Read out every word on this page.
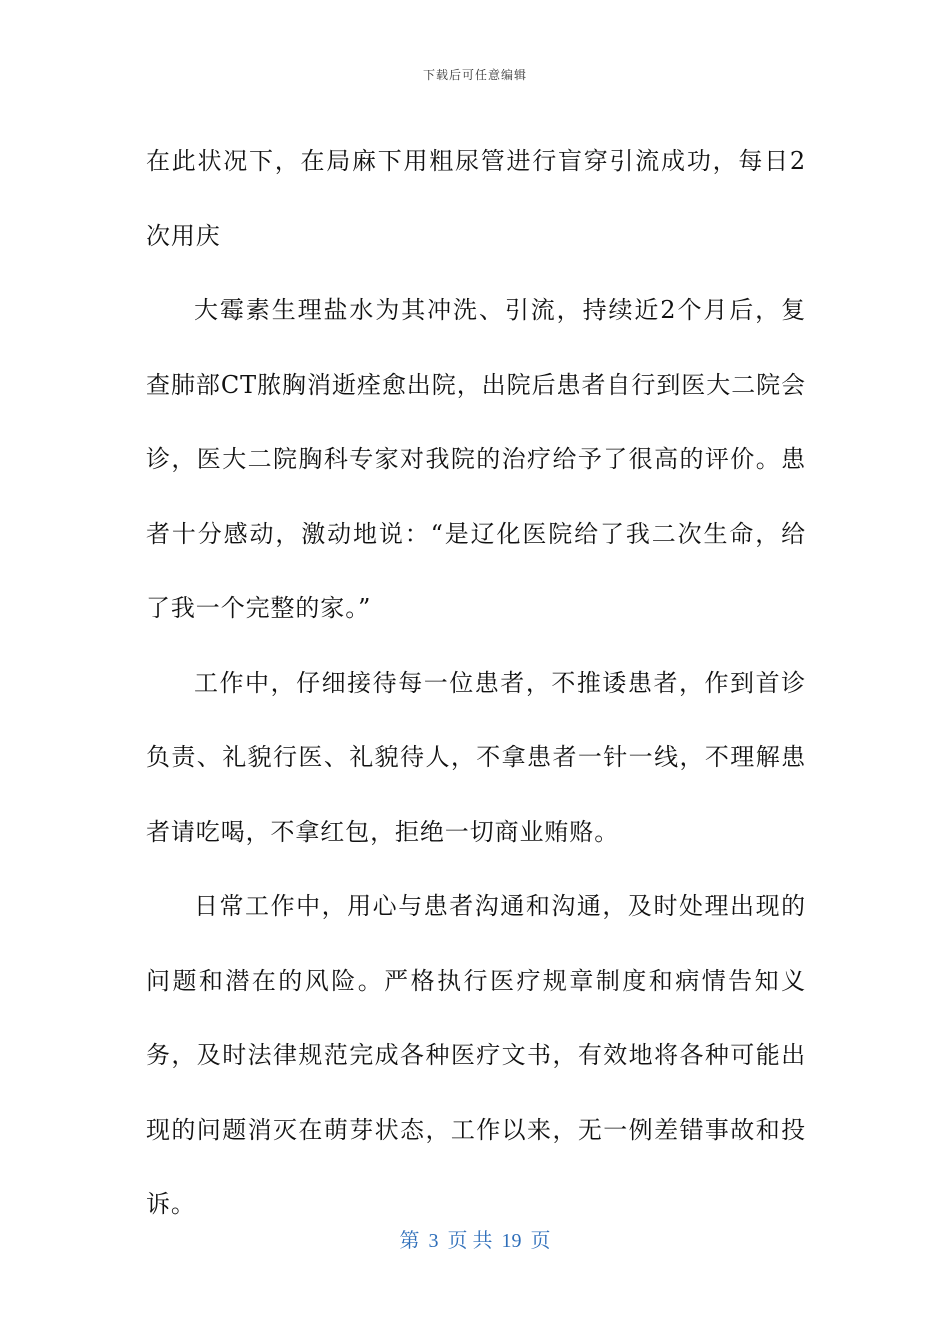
下载后可任意编辑

在此状况下，在局麻下用粗尿管进行盲穿引流成功，每日2次用庆

大霉素生理盐水为其冲洗、引流，持续近2个月后，复查肺部CT脓胸消逝痊愈出院，出院后患者自行到医大二院会诊，医大二院胸科专家对我院的治疗给予了很高的评价。患者十分感动，激动地说：“是辽化医院给了我二次生命，给了我一个完整的家。”

工作中，仔细接待每一位患者，不推诿患者，作到首诊负责、礼貌行医、礼貌待人，不拿患者一针一线，不理解患者请吃喝，不拿红包，拒绝一切商业贿赂。

日常工作中，用心与患者沟通和沟通，及时处理出现的问题和潜在的风险。严格执行医疗规章制度和病情告知义务，及时法律规范完成各种医疗文书，有效地将各种可能出现的问题消灭在萌芽状态，工作以来，无一例差错事故和投诉。

第 3 页 共 19 页
